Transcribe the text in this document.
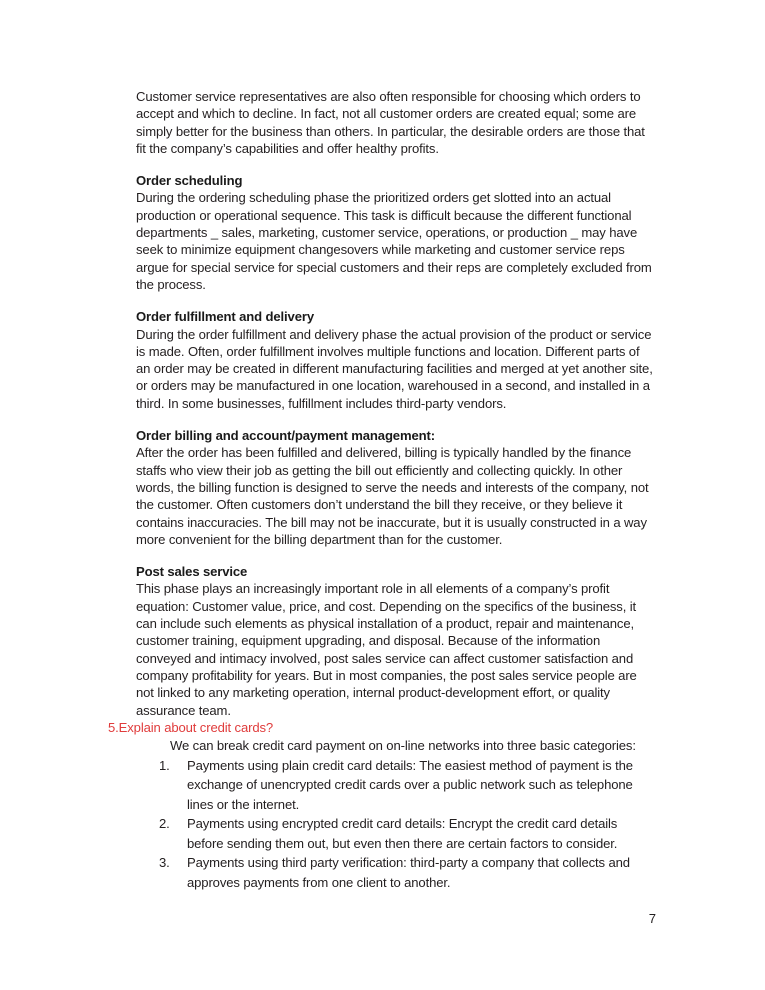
Customer service representatives are also often responsible for choosing which orders to accept and which to decline. In fact, not all customer orders are created equal; some are simply better for the business than others. In particular, the desirable orders are those that fit the company’s capabilities and offer healthy profits.

Order scheduling

During the ordering scheduling phase the prioritized orders get slotted into an actual production or operational sequence. This task is difficult because the different functional departments _ sales, marketing, customer service, operations, or production _ may have seek to minimize equipment changesovers while marketing and customer service reps argue for special service for special customers and their reps are completely excluded from the process.

Order fulfillment and delivery

During the order fulfillment and delivery phase the actual provision of the product or service is made. Often, order fulfillment involves multiple functions and location. Different parts of an order may be created in different manufacturing facilities and merged at yet another site, or orders may be manufactured in one location, warehoused in a second, and installed in a third. In some businesses, fulfillment includes third-party vendors.

Order billing and account/payment management:

After the order has been fulfilled and delivered, billing is typically handled by the finance staffs who view their job as getting the bill out efficiently and collecting quickly. In other words, the billing function is designed to serve the needs and interests of the company, not the customer. Often customers don’t understand the bill they receive, or they believe it contains inaccuracies. The bill may not be inaccurate, but it is usually constructed in a way more convenient for the billing department than for the customer.

Post sales service

This phase plays an increasingly important role in all elements of a company’s profit equation: Customer value, price, and cost. Depending on the specifics of the business, it can include such elements as physical installation of a product, repair and maintenance, customer training, equipment upgrading, and disposal. Because of the information conveyed and intimacy involved, post sales service can affect customer satisfaction and company profitability for years. But in most companies, the post sales service people are not linked to any marketing operation, internal product-development effort, or quality assurance team.

5.Explain about credit cards?

We can break credit card payment on on-line networks into three basic categories:

1.	Payments using plain credit card details: The easiest method of payment is the exchange of unencrypted credit cards over a public network such as telephone lines or the internet.
2.	Payments using encrypted credit card details: Encrypt the credit card details before sending them out, but even then there are certain factors to consider.
3.	Payments using third party verification: third-party a company that collects and approves payments from one client to another.
7
